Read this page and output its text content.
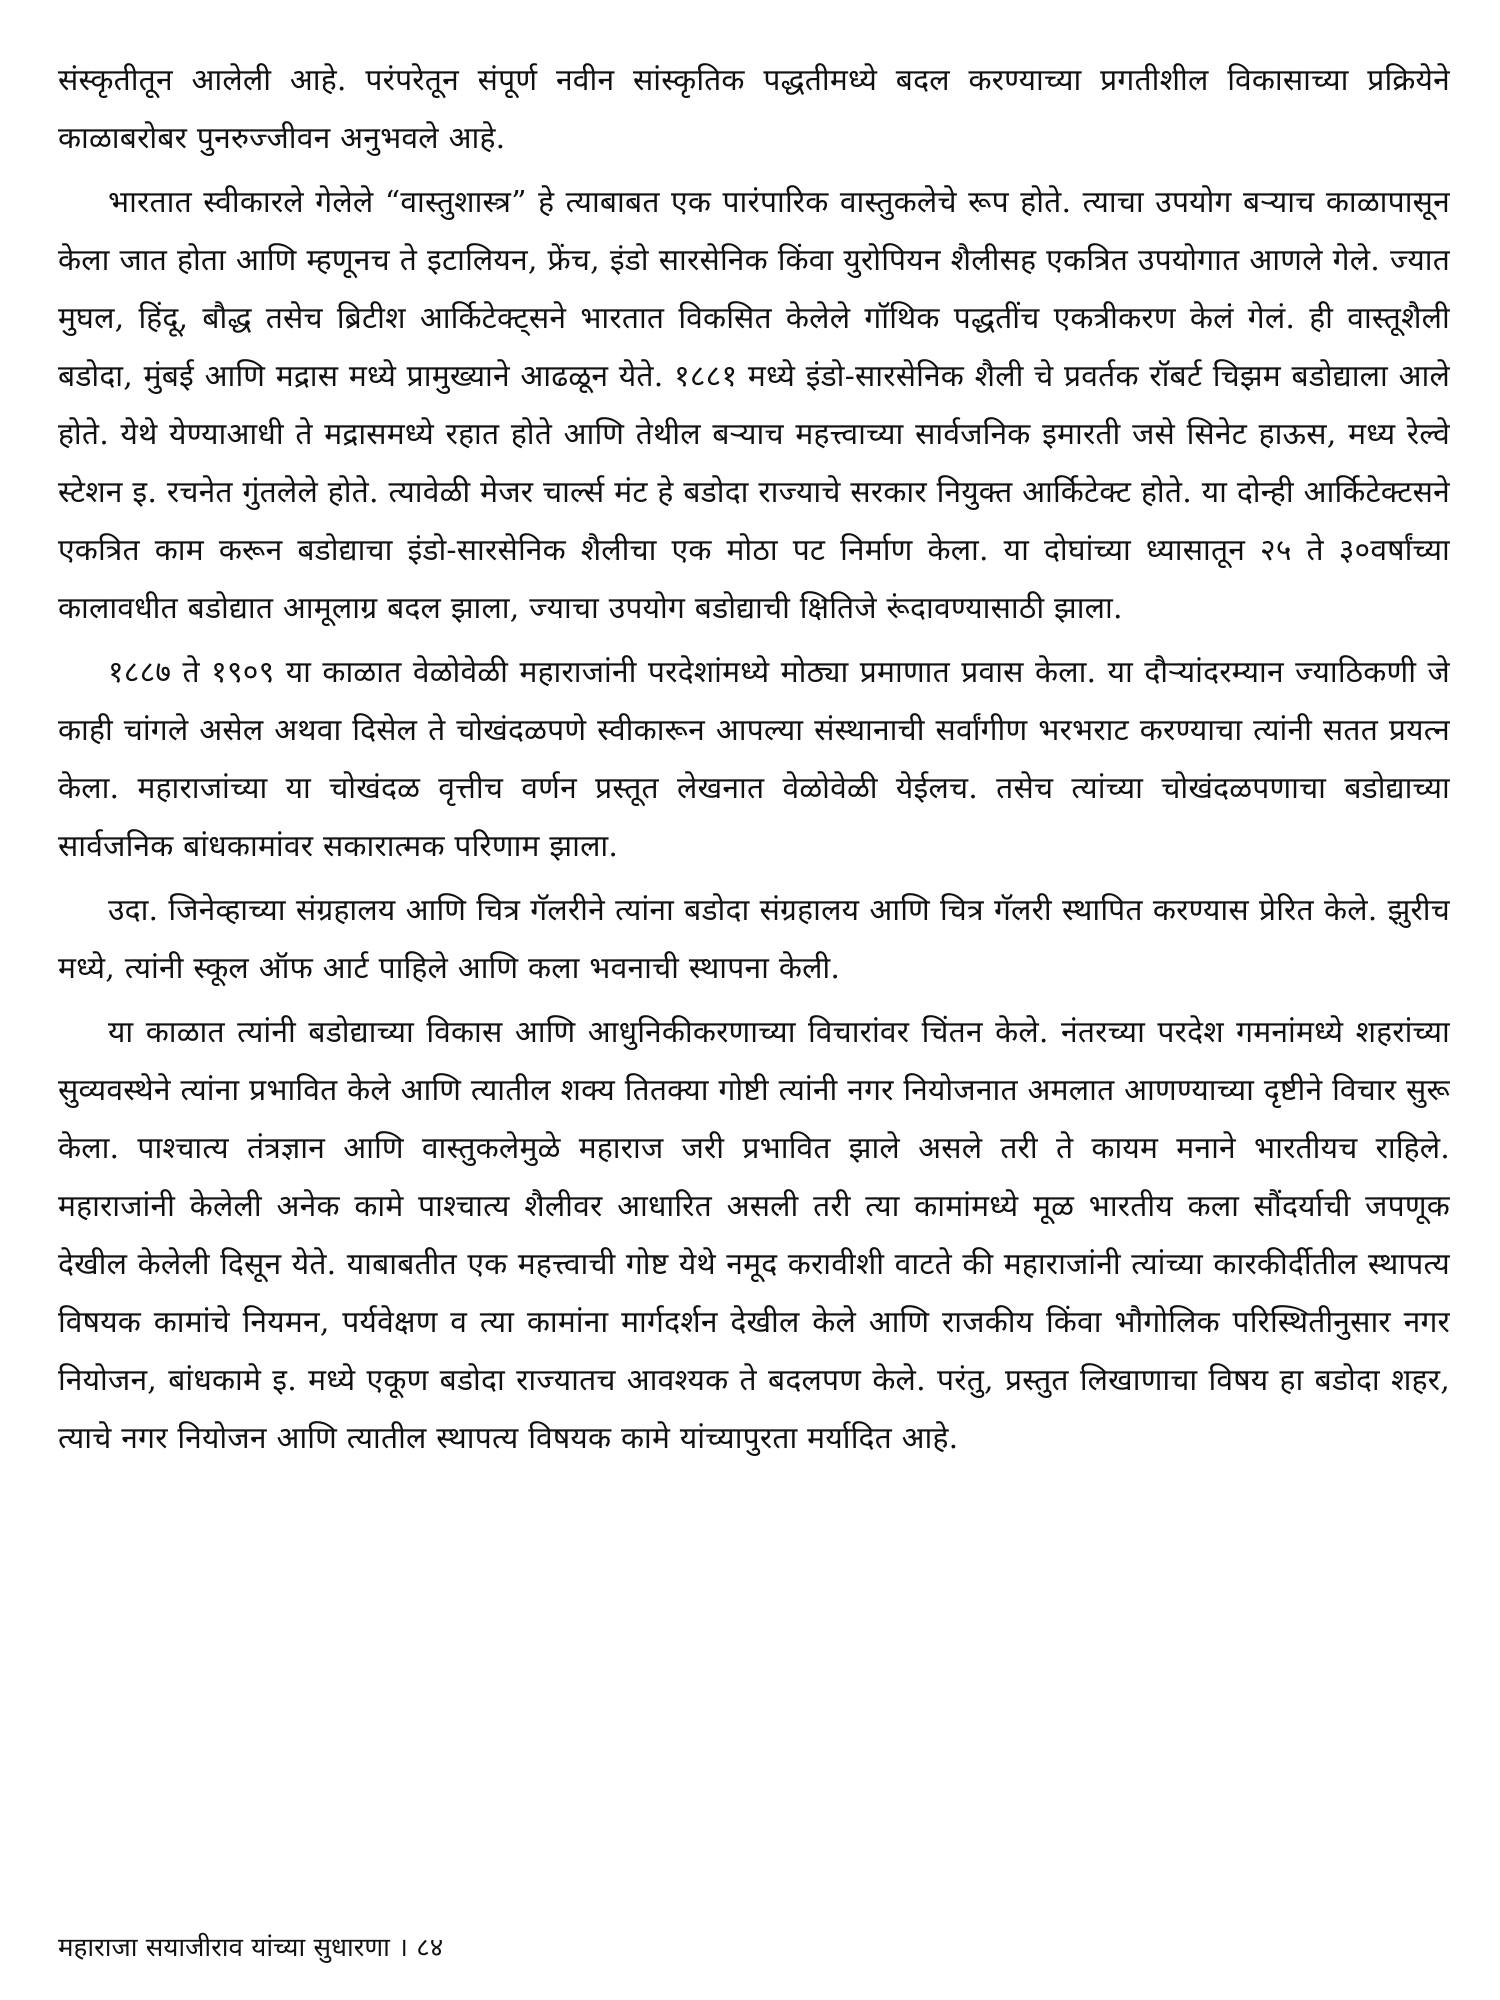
संस्कृतीतून आलेली आहे. परंपरेतून संपूर्ण नवीन सांस्कृतिक पद्धतीमध्ये बदल करण्याच्या प्रगतीशील विकासाच्या प्रक्रियेने काळाबरोबर पुनरुज्जीवन अनुभवले आहे.

भारतात स्वीकारले गेलेले “वास्तुशास्त्र” हे त्याबाबत एक पारंपारिक वास्तुकलेचे रूप होते. त्याचा उपयोग बऱ्याच काळापासून केला जात होता आणि म्हणूनच ते इटालियन, फ्रेंच, इंडो सारसेनिक किंवा युरोपियन शैलीसह एकत्रित उपयोगात आणले गेले. ज्यात मुघल, हिंदू, बौद्ध तसेच ब्रिटीश आर्किटेक्ट्सने भारतात विकसित केलेले गॉथिक पद्धतींच एकत्रीकरण केलं गेलं. ही वास्तूशैली बडोदा, मुंबई आणि मद्रास मध्ये प्रामुख्याने आढळून येते. १८८१ मध्ये इंडो-सारसेनिक शैली चे प्रवर्तक रॉबर्ट चिझम बडोद्याला आले होते. येथे येण्याआधी ते मद्रासमध्ये रहात होते आणि तेथील बऱ्याच महत्त्वाच्या सार्वजनिक इमारती जसे सिनेट हाऊस, मध्य रेल्वे स्टेशन इ. रचनेत गुंतलेले होते. त्यावेळी मेजर चार्ल्स मंट हे बडोदा राज्याचे सरकार नियुक्त आर्किटेक्ट होते. या दोन्ही आर्किटेक्टसने एकत्रित काम करून बडोद्याचा इंडो-सारसेनिक शैलीचा एक मोठा पट निर्माण केला. या दोघांच्या ध्यासातून २५ ते ३०वर्षांच्या कालावधीत बडोद्यात आमूलाग्र बदल झाला, ज्याचा उपयोग बडोद्याची क्षितिजे रूंदावण्यासाठी झाला.

१८८७ ते १९०९ या काळात वेळोवेळी महाराजांनी परदेशांमध्ये मोठ्या प्रमाणात प्रवास केला. या दौऱ्यांदरम्यान ज्याठिकणी जे काही चांगले असेल अथवा दिसेल ते चोखंदळपणे स्वीकारून आपल्या संस्थानाची सर्वांगीण भरभराट करण्याचा त्यांनी सतत प्रयत्न केला. महाराजांच्या या चोखंदळ वृत्तीच वर्णन प्रस्तूत लेखनात वेळोवेळी येईलच. तसेच त्यांच्या चोखंदळपणाचा बडोद्याच्या सार्वजनिक बांधकामांवर सकारात्मक परिणाम झाला.

उदा. जिनेव्हाच्या संग्रहालय आणि चित्र गॅलरीने त्यांना बडोदा संग्रहालय आणि चित्र गॅलरी स्थापित करण्यास प्रेरित केले. झुरीच मध्ये, त्यांनी स्कूल ऑफ आर्ट पाहिले आणि कला भवनाची स्थापना केली.

या काळात त्यांनी बडोद्याच्या विकास आणि आधुनिकीकरणाच्या विचारांवर चिंतन केले. नंतरच्या परदेश गमनांमध्ये शहरांच्या सुव्यवस्थेने त्यांना प्रभावित केले आणि त्यातील शक्य तितक्या गोष्टी त्यांनी नगर नियोजनात अमलात आणण्याच्या दृष्टीने विचार सुरू केला. पाश्चात्य तंत्रज्ञान आणि वास्तुकलेमुळे महाराज जरी प्रभावित झाले असले तरी ते कायम मनाने भारतीयच राहिले. महाराजांनी केलेली अनेक कामे पाश्चात्य शैलीवर आधारित असली तरी त्या कामांमध्ये मूळ भारतीय कला सौंदर्याची जपणूक देखील केलेली दिसून येते. याबाबतीत एक महत्त्वाची गोष्ट येथे नमूद करावीशी वाटते की महाराजांनी त्यांच्या कारकीर्दीतील स्थापत्य विषयक कामांचे नियमन, पर्यवेक्षण व त्या कामांना मार्गदर्शन देखील केले आणि राजकीय किंवा भौगोलिक परिस्थितीनुसार नगर नियोजन, बांधकामे इ. मध्ये एकूण बडोदा राज्यातच आवश्यक ते बदलपण केले. परंतु, प्रस्तुत लिखाणाचा विषय हा बडोदा शहर, त्याचे नगर नियोजन आणि त्यातील स्थापत्य विषयक कामे यांच्यापुरता मर्यादित आहे.

महाराजा सयाजीराव यांच्या सुधारणा । ८४
